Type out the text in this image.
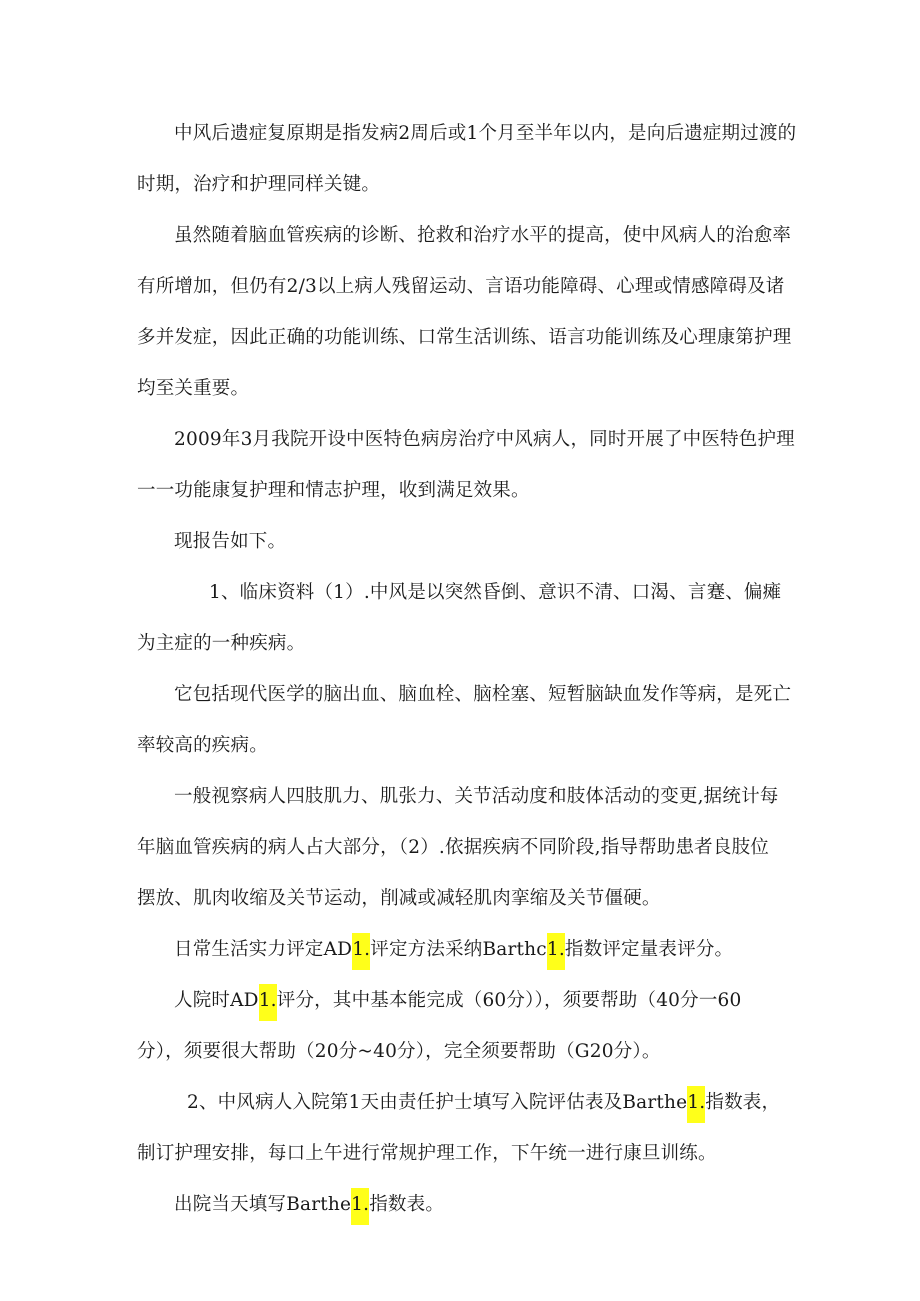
中风后遗症复原期是指发病2周后或1个月至半年以内，是向后遗症期过渡的
时期，治疗和护理同样关键。

虽然随着脑血管疾病的诊断、抢救和治疗水平的提高，使中风病人的治愈率
有所增加，但仍有2/3以上病人残留运动、言语功能障碍、心理或情感障碍及诸
多并发症，因此正确的功能训练、口常生活训练、语言功能训练及心理康第护理
均至关重要。

2009年3月我院开设中医特色病房治疗中风病人，同时开展了中医特色护理
一一功能康复护理和情志护理，收到满足效果。

现报告如下。

1、临床资料（1）.中风是以突然昏倒、意识不清、口渴、言蹇、偏瘫
为主症的一种疾病。

它包括现代医学的脑出血、脑血栓、脑栓塞、短暂脑缺血发作等病，是死亡
率较高的疾病。

一般视察病人四肢肌力、肌张力、关节活动度和肢体活动的变更,据统计每
年脑血管疾病的病人占大部分，（2）.依据疾病不同阶段,指导帮助患者良肢位
摆放、肌肉收缩及关节运动，削减或减轻肌肉挛缩及关节僵硬。

日常生活实力评定AD1.评定方法采纳Barthc1.指数评定量表评分。

人院时AD1.评分，其中基本能完成（60分）），须要帮助（40分一60
分），须要很大帮助（20分~40分），完全须要帮助（G20分）。

2、中风病人入院第1天由责任护士填写入院评估表及Barthe1.指数表，
制订护理安排，每口上午进行常规护理工作，下午统一进行康旦训练。

出院当天填写Barthe1.指数表。
